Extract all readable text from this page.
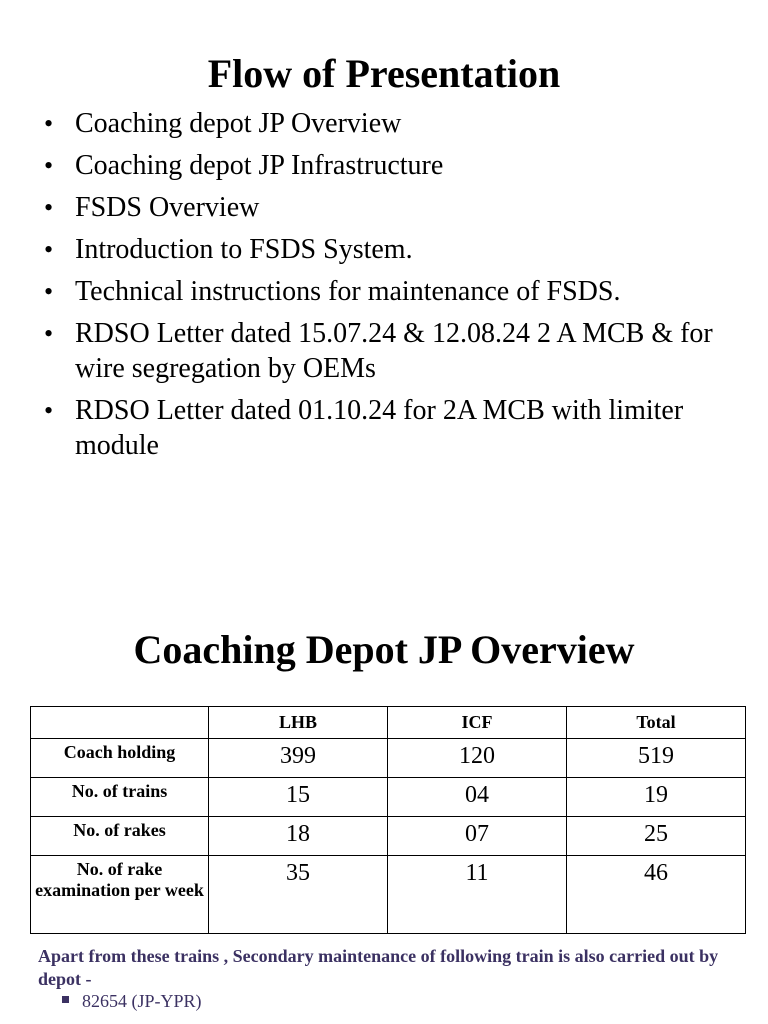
Flow of Presentation
• Coaching depot JP Overview
• Coaching depot JP Infrastructure
• FSDS Overview
• Introduction to FSDS System.
• Technical instructions for maintenance of FSDS.
• RDSO Letter dated 15.07.24 & 12.08.24 2 A MCB & for wire segregation by OEMs
• RDSO Letter dated 01.10.24 for 2A MCB with limiter module
Coaching Depot JP Overview
	LHB	ICF	Total
Coach holding	399	120	519
No. of trains	15	04	19
No. of rakes	18	07	25
No. of rake examination per week	35	11	46
Apart from these trains , Secondary maintenance of following train is also carried out by depot -
82654 (JP-YPR)
